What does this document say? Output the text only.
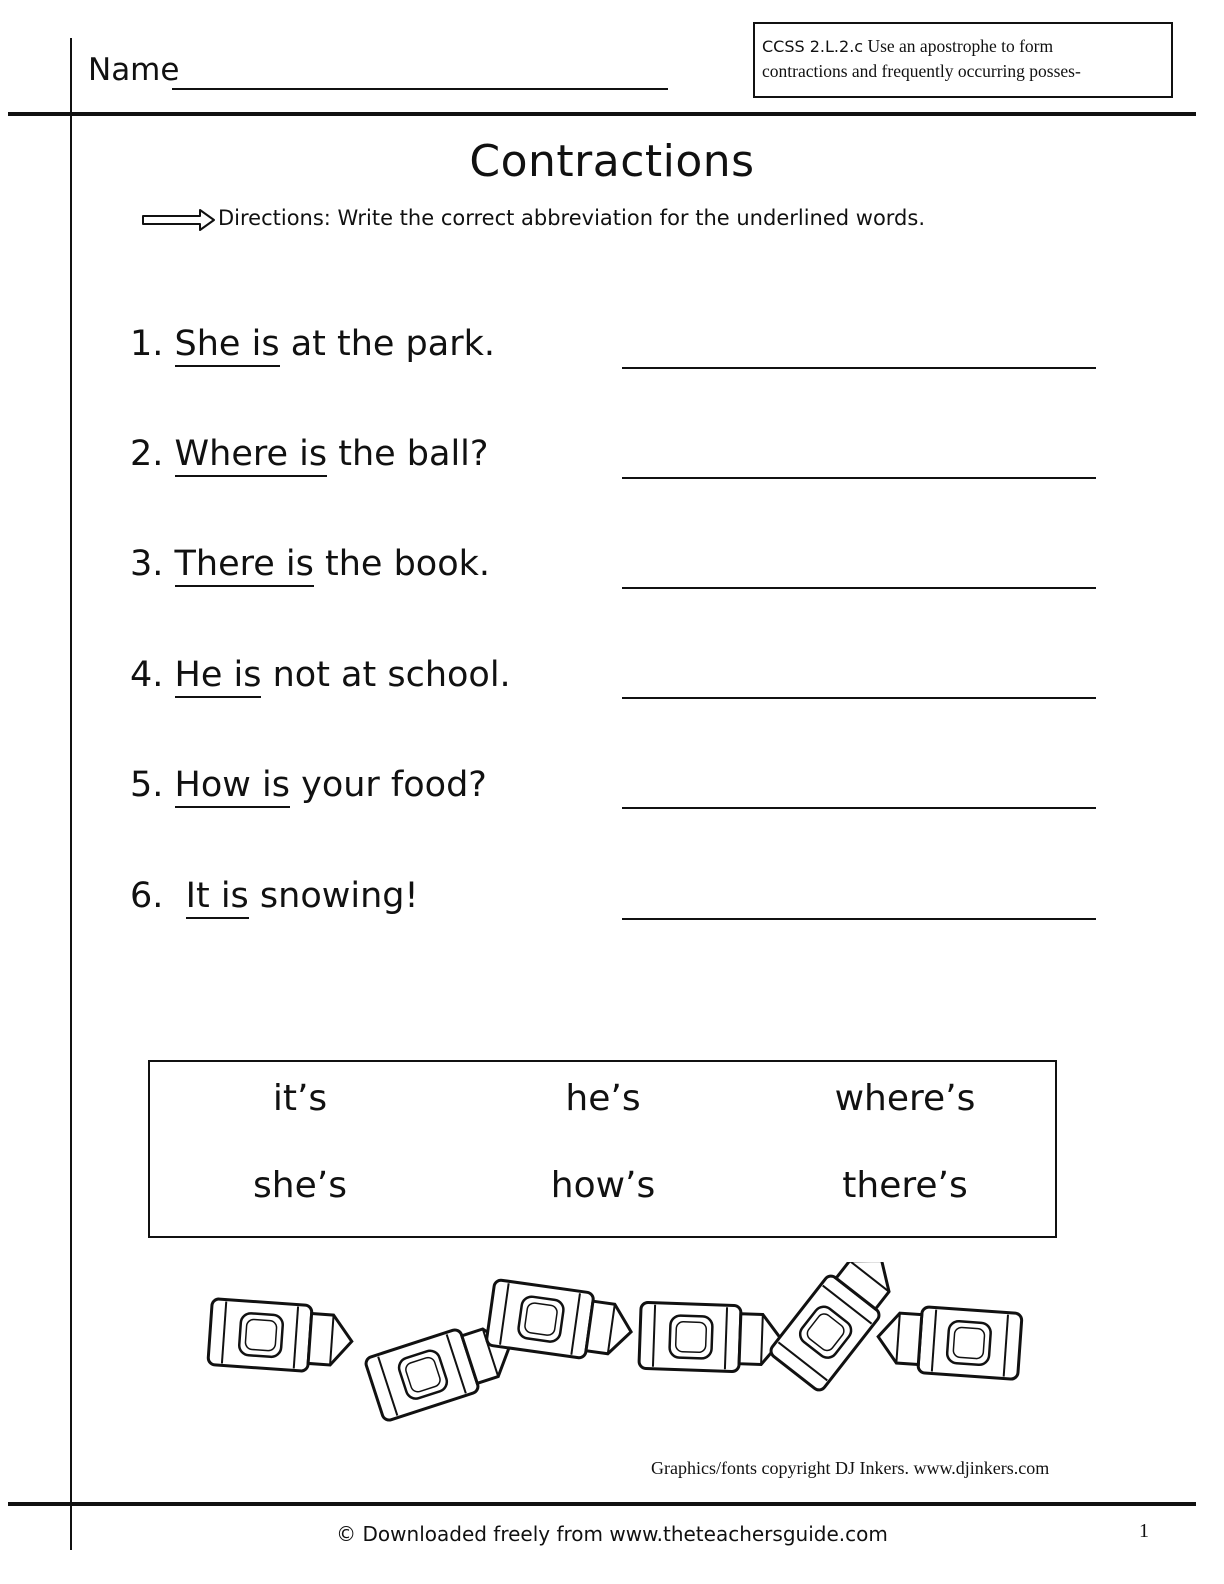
Name
CCSS 2.L.2.c Use an apostrophe to form
contractions and frequently occurring posses-
Contractions
Directions: Write the correct abbreviation for the underlined words.
1. She is at the park.
2. Where is the ball?
3. There is the book.
4. He is not at school.
5. How is your food?
6.  It is snowing!
it’s	he’s	where’s
she’s	how’s	there’s
Graphics/fonts copyright DJ Inkers. www.djinkers.com
© Downloaded freely from www.theteachersguide.com	1
